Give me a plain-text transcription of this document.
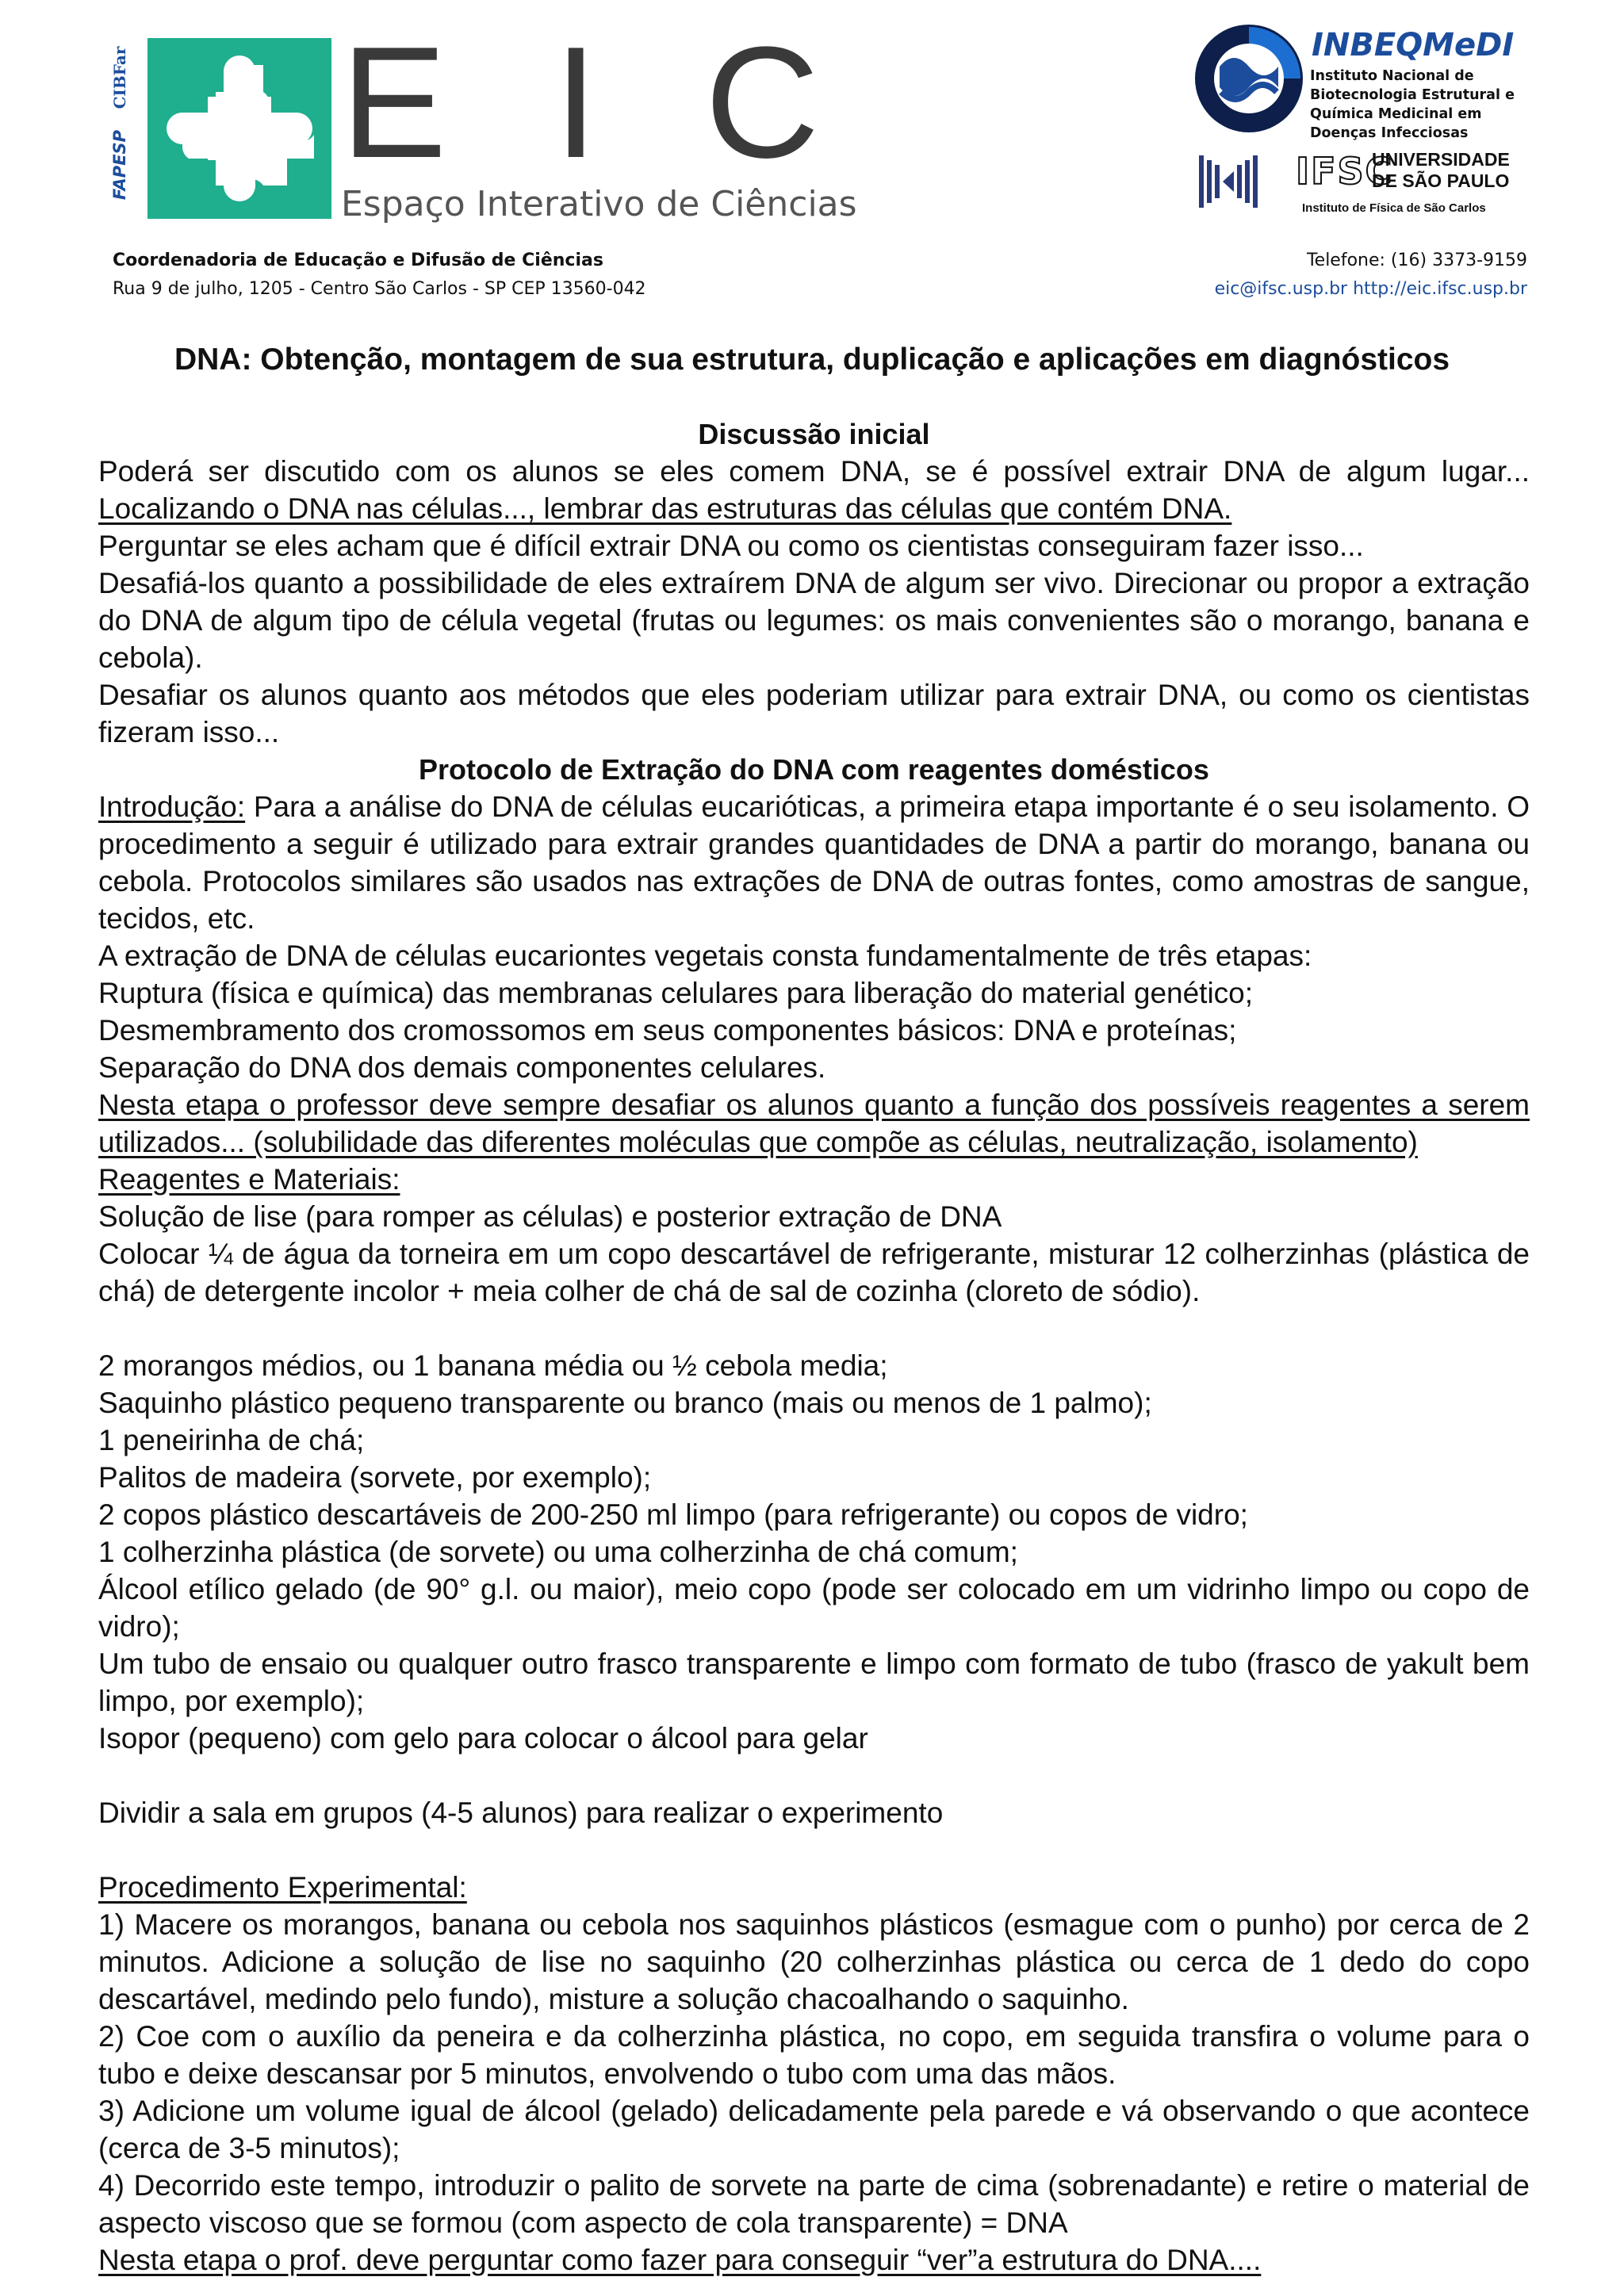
CIBFar
FAPESP EIC
Espaço Interativo de Ciências
INBEQMeDI
Instituto Nacional de Biotecnologia Estrutural e Química Medicinal em Doenças Infecciosas
IFSC
UNIVERSIDADE DE SÃO PAULO
Instituto de Física de São Carlos
Coordenadoria de Educação e Difusão de Ciências
Rua 9 de julho, 1205 - Centro São Carlos - SP CEP 13560-042
Telefone: (16) 3373-9159
eic@ifsc.usp.br http://eic.ifsc.usp.br
DNA: Obtenção, montagem de sua estrutura, duplicação e aplicações em diagnósticos

Discussão inicial

Poderá ser discutido com os alunos se eles comem DNA, se é possível extrair DNA de algum lugar... Localizando o DNA nas células..., lembrar das estruturas das células que contém DNA.

Perguntar se eles acham que é difícil extrair DNA ou como os cientistas conseguiram fazer isso...

Desafiá-los quanto a possibilidade de eles extraírem DNA de algum ser vivo. Direcionar ou propor a extração do DNA de algum tipo de célula vegetal (frutas ou legumes: os mais convenientes são o morango, banana e cebola).

Desafiar os alunos quanto aos métodos que eles poderiam utilizar para extrair DNA, ou como os cientistas fizeram isso...

Protocolo de Extração do DNA com reagentes domésticos

Introdução: Para a análise do DNA de células eucarióticas, a primeira etapa importante é o seu isolamento. O procedimento a seguir é utilizado para extrair grandes quantidades de DNA a partir do morango, banana ou cebola. Protocolos similares são usados nas extrações de DNA de outras fontes, como amostras de sangue, tecidos, etc.

A extração de DNA de células eucariontes vegetais consta fundamentalmente de três etapas:

Ruptura (física e química) das membranas celulares para liberação do material genético;

Desmembramento dos cromossomos em seus componentes básicos: DNA e proteínas;

Separação do DNA dos demais componentes celulares.

Nesta etapa o professor deve sempre desafiar os alunos quanto a função dos possíveis reagentes a serem utilizados... (solubilidade das diferentes moléculas que compõe as células, neutralização, isolamento)

Reagentes e Materiais:

Solução de lise (para romper as células) e posterior extração de DNA

Colocar ¼ de água da torneira em um copo descartável de refrigerante, misturar 12 colherzinhas (plástica de chá) de detergente incolor + meia colher de chá de sal de cozinha (cloreto de sódio).

2 morangos médios, ou 1 banana média ou ½ cebola media;

Saquinho plástico pequeno transparente ou branco (mais ou menos de 1 palmo);

1 peneirinha de chá;

Palitos de madeira (sorvete, por exemplo);

2 copos plástico descartáveis de 200-250 ml limpo (para refrigerante) ou copos de vidro;

1 colherzinha plástica (de sorvete) ou uma colherzinha de chá comum;

Álcool etílico gelado (de 90° g.l. ou maior), meio copo (pode ser colocado em um vidrinho limpo ou copo de vidro);

Um tubo de ensaio ou qualquer outro frasco transparente e limpo com formato de tubo (frasco de yakult bem limpo, por exemplo);

Isopor (pequeno) com gelo para colocar o álcool para gelar

Dividir a sala em grupos (4-5 alunos) para realizar o experimento

Procedimento Experimental:

1) Macere os morangos, banana ou cebola nos saquinhos plásticos (esmague com o punho) por cerca de 2 minutos. Adicione a solução de lise no saquinho (20 colherzinhas plástica ou cerca de 1 dedo do copo descartável, medindo pelo fundo), misture a solução chacoalhando o saquinho.

2) Coe com o auxílio da peneira e da colherzinha plástica, no copo, em seguida transfira o volume para o tubo e deixe descansar por 5 minutos, envolvendo o tubo com uma das mãos.

3) Adicione um volume igual de álcool (gelado) delicadamente pela parede e vá observando o que acontece (cerca de 3-5 minutos);

4) Decorrido este tempo, introduzir o palito de sorvete na parte de cima (sobrenadante) e retire o material de aspecto viscoso que se formou (com aspecto de cola transparente) = DNA

Nesta etapa o prof. deve perguntar como fazer para conseguir “ver”a estrutura do DNA....
